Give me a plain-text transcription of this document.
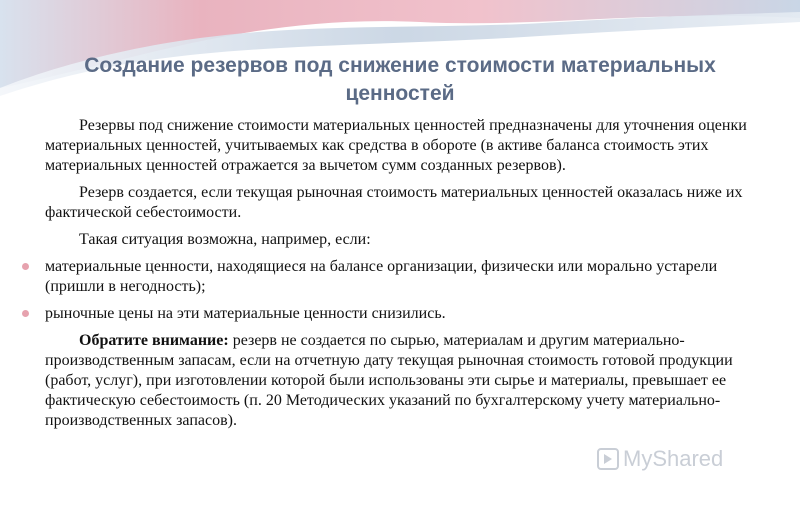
Создание резервов под снижение стоимости материальных ценностей

Резервы под снижение стоимости материальных ценностей предназначены для уточнения оценки материальных ценностей, учитываемых как средства в обороте (в активе баланса стоимость этих материальных ценностей отражается за вычетом сумм созданных резервов).

Резерв создается, если текущая рыночная стоимость материальных ценностей оказалась ниже их фактической себестоимости.

Такая ситуация возможна, например, если:

материальные ценности, находящиеся на балансе организации, физически или морально устарели (пришли в негодность);
рыночные цены на эти материальные ценности снизились.

Обратите внимание: резерв не создается по сырью, материалам и другим материально-производственным запасам, если на отчетную дату текущая рыночная стоимость готовой продукции (работ, услуг), при изготовлении которой были использованы эти сырье и материалы, превышает ее фактическую себестоимость (п. 20 Методических указаний по бухгалтерскому учету материально-производственных запасов).

MyShared
